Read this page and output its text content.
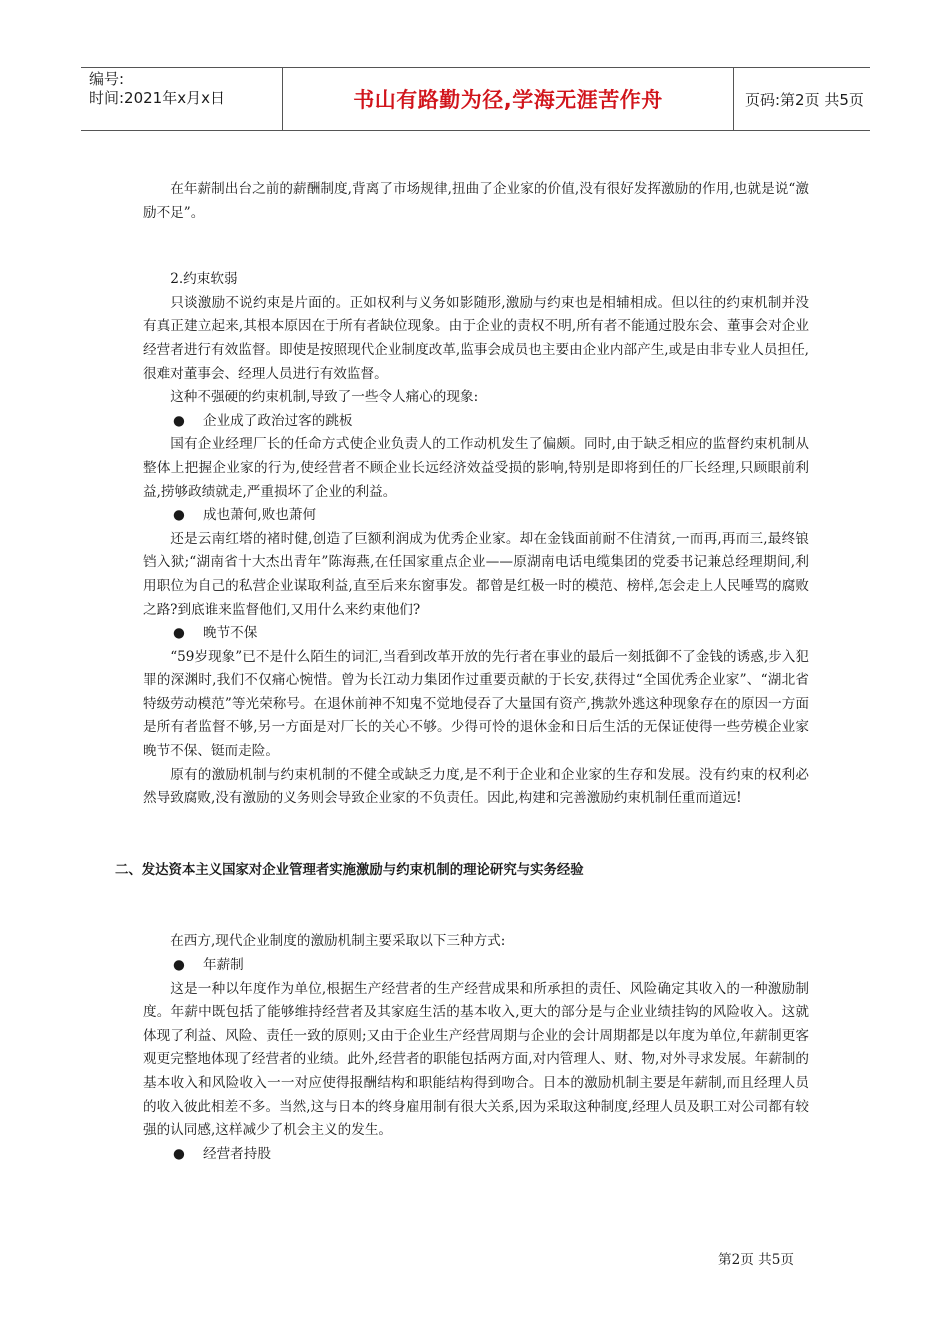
编号:
时间:2021年x月x日	书山有路勤为径,学海无涯苦作舟	页码:第2页 共5页

在年薪制出台之前的薪酬制度,背离了市场规律,扭曲了企业家的价值,没有很好发挥激励的作用,也就是说“激励不足”。

2.约束软弱

只谈激励不说约束是片面的。正如权利与义务如影随形,激励与约束也是相辅相成。但以往的约束机制并没有真正建立起来,其根本原因在于所有者缺位现象。由于企业的责权不明,所有者不能通过股东会、董事会对企业经营者进行有效监督。即使是按照现代企业制度改革,监事会成员也主要由企业内部产生,或是由非专业人员担任,很难对董事会、经理人员进行有效监督。

这种不强硬的约束机制,导致了一些令人痛心的现象:

● 企业成了政治过客的跳板

国有企业经理厂长的任命方式使企业负责人的工作动机发生了偏颇。同时,由于缺乏相应的监督约束机制从整体上把握企业家的行为,使经营者不顾企业长远经济效益受损的影响,特别是即将到任的厂长经理,只顾眼前利益,捞够政绩就走,严重损坏了企业的利益。

● 成也萧何,败也萧何

还是云南红塔的褚时健,创造了巨额利润成为优秀企业家。却在金钱面前耐不住清贫,一而再,再而三,最终锒铛入狱;“湖南省十大杰出青年”陈海燕,在任国家重点企业——原湖南电话电缆集团的党委书记兼总经理期间,利用职位为自己的私营企业谋取利益,直至后来东窗事发。都曾是红极一时的模范、榜样,怎会走上人民唾骂的腐败之路?到底谁来监督他们,又用什么来约束他们?

● 晚节不保

“59岁现象”已不是什么陌生的词汇,当看到改革开放的先行者在事业的最后一刻抵御不了金钱的诱惑,步入犯罪的深渊时,我们不仅痛心惋惜。曾为长江动力集团作过重要贡献的于长安,获得过“全国优秀企业家”、“湖北省特级劳动模范”等光荣称号。在退休前神不知鬼不觉地侵吞了大量国有资产,携款外逃这种现象存在的原因一方面是所有者监督不够,另一方面是对厂长的关心不够。少得可怜的退休金和日后生活的无保证使得一些劳模企业家晚节不保、铤而走险。

原有的激励机制与约束机制的不健全或缺乏力度,是不利于企业和企业家的生存和发展。没有约束的权利必然导致腐败,没有激励的义务则会导致企业家的不负责任。因此,构建和完善激励约束机制任重而道远!

二、发达资本主义国家对企业管理者实施激励与约束机制的理论研究与实务经验

在西方,现代企业制度的激励机制主要采取以下三种方式:

● 年薪制

这是一种以年度作为单位,根据生产经营者的生产经营成果和所承担的责任、风险确定其收入的一种激励制度。年薪中既包括了能够维持经营者及其家庭生活的基本收入,更大的部分是与企业业绩挂钩的风险收入。这就体现了利益、风险、责任一致的原则;又由于企业生产经营周期与企业的会计周期都是以年度为单位,年薪制更客观更完整地体现了经营者的业绩。此外,经营者的职能包括两方面,对内管理人、财、物,对外寻求发展。年薪制的基本收入和风险收入一一对应使得报酬结构和职能结构得到吻合。日本的激励机制主要是年薪制,而且经理人员的收入彼此相差不多。当然,这与日本的终身雇用制有很大关系,因为采取这种制度,经理人员及职工对公司都有较强的认同感,这样减少了机会主义的发生。

● 经营者持股

第2页 共5页
